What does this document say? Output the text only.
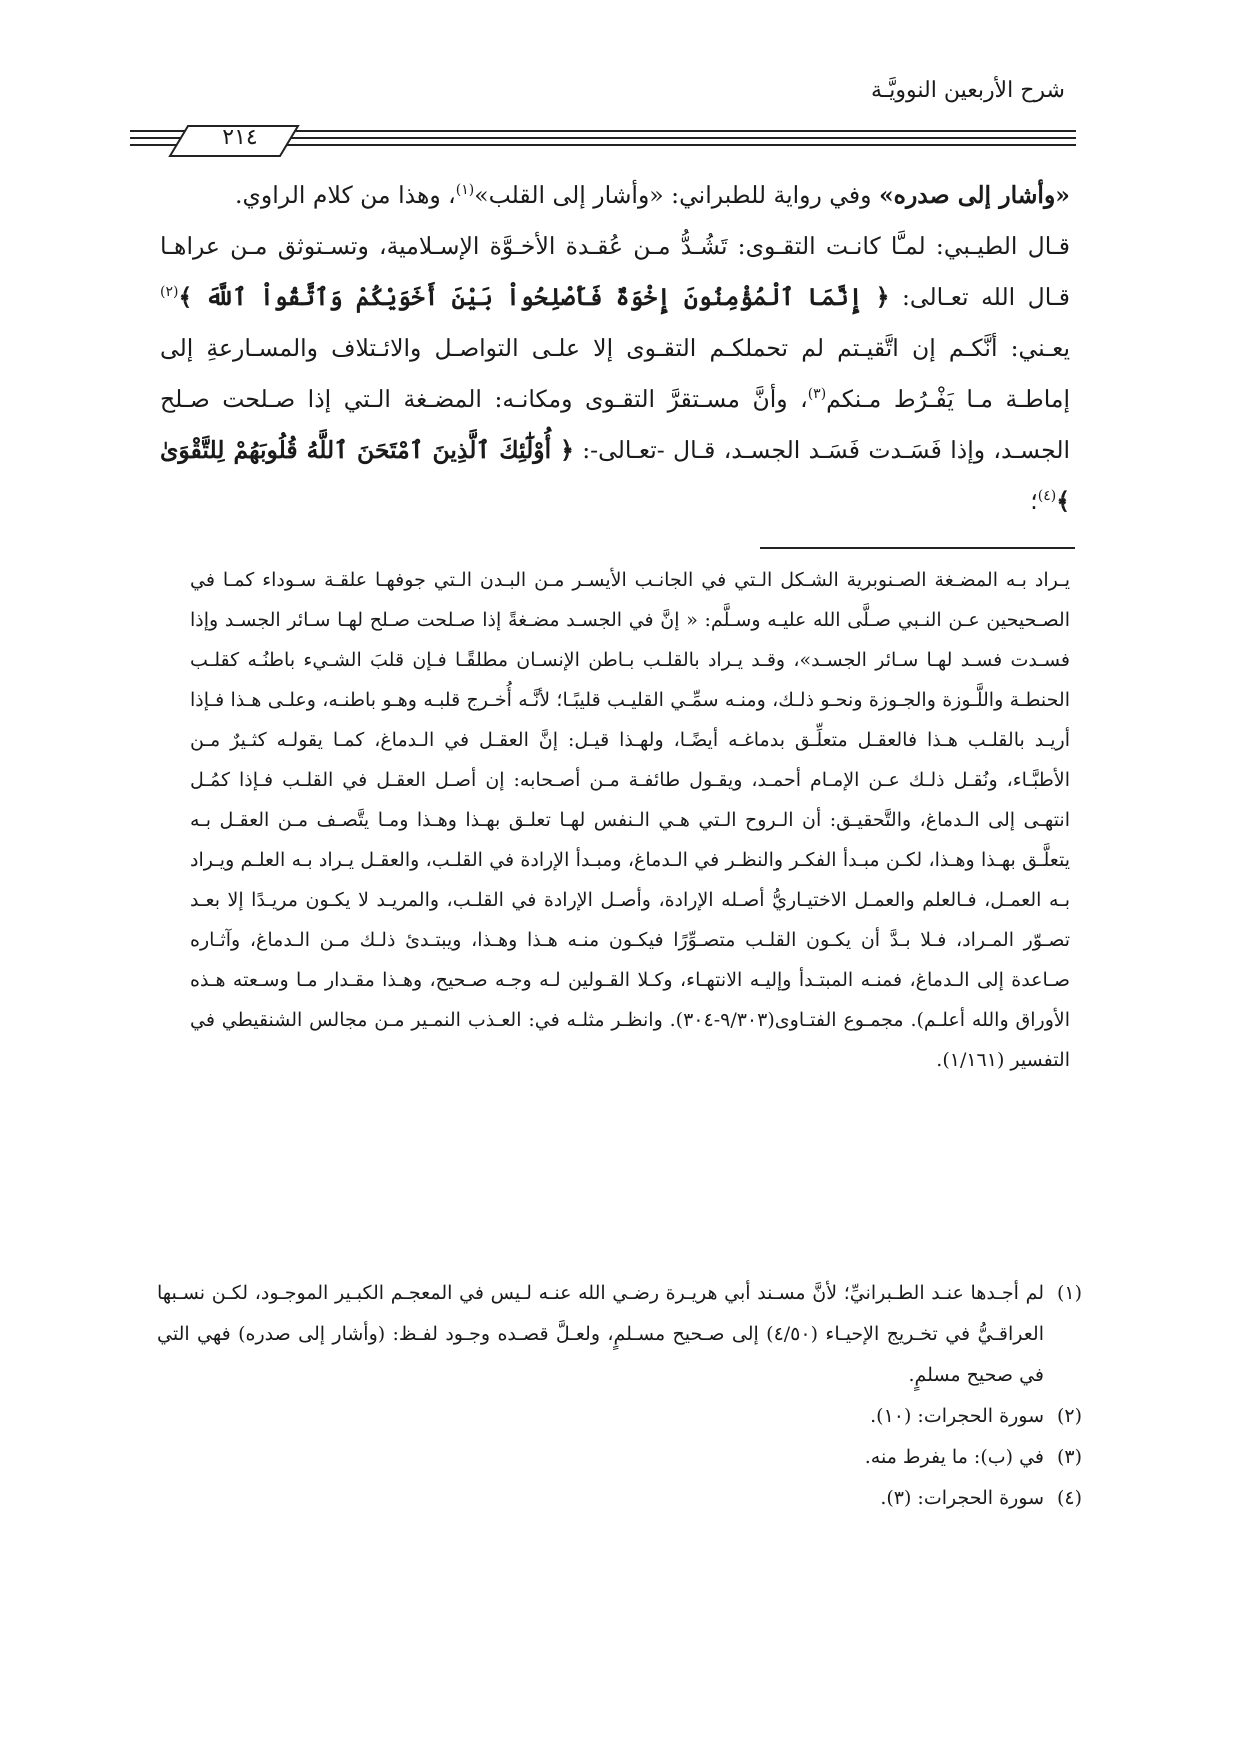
شرح الأربعين النوويَّـة
٢١٤

«وأشار إلى صدره» وفي رواية للطبراني: «وأشار إلى القلب»$^{(١)}$، وهذا من كلام الراوي.

قـال الطيـبي: لمـَّا كانـت التقـوى: تَشُـدُّ مـن عُقـدة الأخـوَّة الإسـلامية، وتسـتوثق مـن عراهـا قـال الله تعـالى: ﴿ إِنَّمَا ٱلْمُؤْمِنُونَ إِخْوَةٌ فَأَصْلِحُواْ بَيْنَ أَخَوَيْكُمْ وَٱتَّقُواْ ٱللَّهَ ﴾$^{(٢)}$ يعـني: أنَّكـم إن اتَّقيـتم لم تحملكـم التقـوى إلا علـى التواصـل والائـتلاف والمسـارعةِ إلى إماطـة مـا يَفْـرُط مـنكم$^{(٣)}$، وأنَّ مسـتقرَّ التقـوى ومكانـه: المضـغة الـتي إذا صـلحت صـلح الجسـد، وإذا فَسَـدت فَسَـد الجسـد، قـال -تعـالى-: ﴿ أُوْلَٰٓئِكَ ٱلَّذِينَ ٱمْتَحَنَ ٱللَّهُ قُلُوبَهُمْ لِلتَّقْوَىٰ ﴾$^{(٤)}$؛

يـراد بـه المضـغة الصـنوبرية الشـكل الـتي في الجانـب الأيسـر مـن البـدن الـتي جوفهـا علقـة سـوداء كمـا في الصـحيحين عـن النـبي صـلَّى الله عليـه وسـلَّم: « إنَّ في الجسـد مضـغةً إذا صـلحت صـلح لهـا سـائر الجسـد وإذا فسـدت فسـد لهـا سـائر الجسـد»، وقـد يـراد بالقلـب بـاطن الإنسـان مطلقًـا فـإن قلبَ الشـيء باطنُـه كقلـب الحنطـة واللَّـوزة والجـوزة ونحـو ذلـك، ومنـه سمِّـي القليـب قليبًـا؛ لأنَّـه أُخـرج قلبـه وهـو باطنـه، وعلـى هـذا فـإذا أريـد بالقلـب هـذا فالعقـل متعلِّـق بدماغـه أيضًـا، ولهـذا قيـل: إنَّ العقـل في الـدماغ، كمـا يقولـه كثـيرٌ مـن الأطبَّـاء، ونُقـل ذلـك عـن الإمـام أحمـد، ويقـول طائفـة مـن أصـحابه: إن أصـل العقـل في القلـب فـإذا كمُـل انتهـى إلى الـدماغ، والتَّحقيـق: أن الـروح الـتي هـي الـنفس لهـا تعلـق بهـذا وهـذا ومـا يتَّصـف مـن العقـل بـه يتعلَّـق بهـذا وهـذا، لكـن مبـدأ الفكـر والنظـر في الـدماغ، ومبـدأ الإرادة في القلـب، والعقـل يـراد بـه العلـم ويـراد بـه العمـل، فـالعلم والعمـل الاختيـاريُّ أصـله الإرادة، وأصـل الإرادة في القلـب، والمريـد لا يكـون مريـدًا إلا بعـد تصـوّر المـراد، فـلا بـدَّ أن يكـون القلـب متصـوِّرًا فيكـون منـه هـذا وهـذا، ويبتـدئ ذلـك مـن الـدماغ، وآثـاره صـاعدة إلى الـدماغ، فمنـه المبتـدأ وإليـه الانتهـاء، وكـلا القـولين لـه وجـه صـحيح، وهـذا مقـدار مـا وسـعته هـذه الأوراق والله أعلـم). مجمـوع الفتـاوى(٩/٣٠٣-٣٠٤). وانظـر مثلـه في: العـذب النمـير مـن مجالس الشنقيطي في التفسير (١/١٦١).

(١)
لم أجـدها عنـد الطـبرانيِّ؛ لأنَّ مسـند أبي هريـرة رضـي الله عنـه لـيس في المعجـم الكبـير الموجـود، لكـن نسـبها العراقـيُّ في تخـريج الإحيـاء (٤/٥٠) إلى صـحيح مسـلمٍ، ولعـلَّ قصـده وجـود لفـظ: (وأشار إلى صدره) فهي التي في صحيح مسلمٍ.
(٢)
سورة الحجرات: (١٠).
(٣)
في (ب): ما يفرط منه.
(٤)
سورة الحجرات: (٣).
